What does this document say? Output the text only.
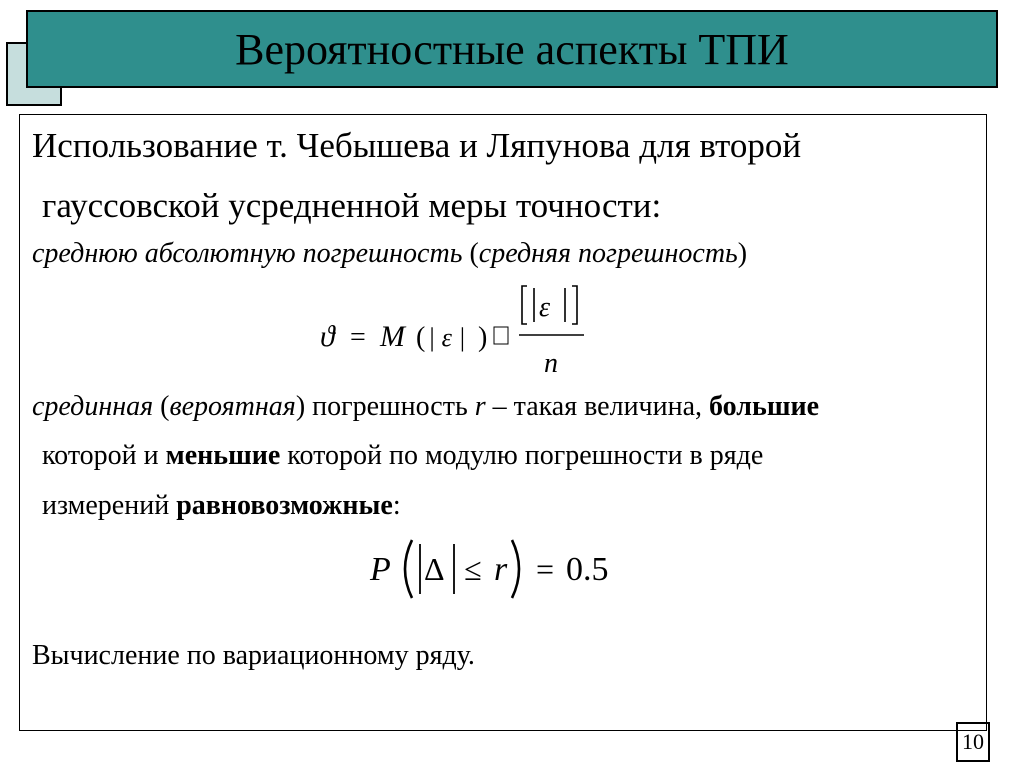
Вероятностные аспекты ТПИ
Использование т. Чебышева и Ляпунова для второй
гауссовской усредненной меры точности:
среднюю абсолютную погрешность (средняя погрешность)
ϑ = M ( | ε | )
ε
n
срединная (вероятная) погрешность r – такая величина, большие
которой и меньшие которой по модулю погрешности в ряде
измерений равновозможные:
P Δ ≤ r = 0.5
Вычисление по вариационному ряду.
10
